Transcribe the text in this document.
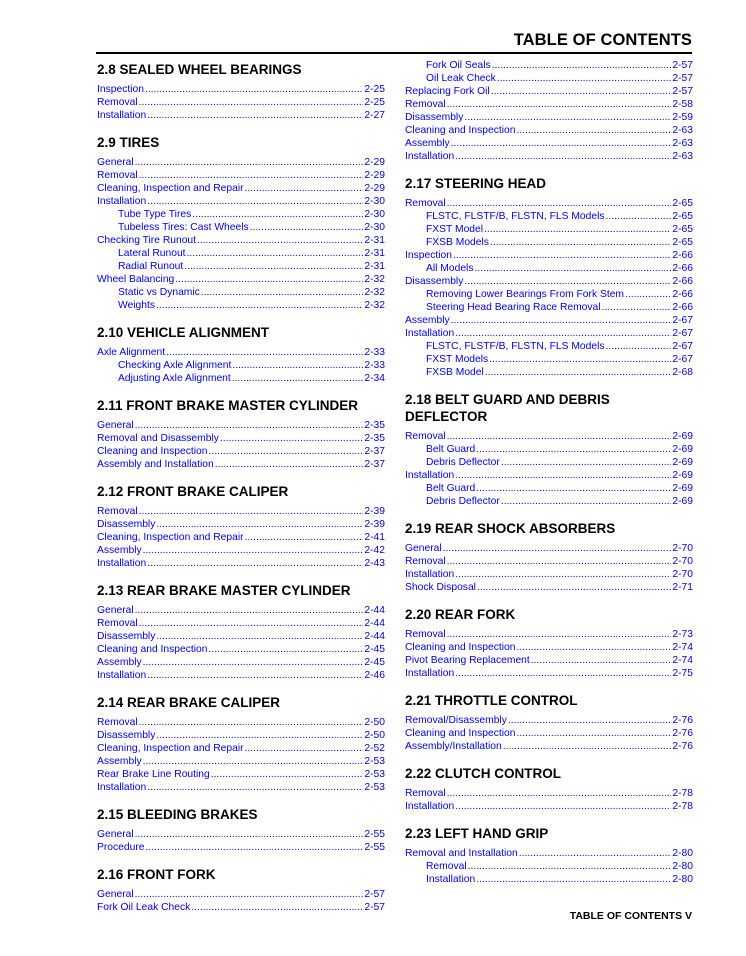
TABLE OF CONTENTS
2.8 SEALED WHEEL BEARINGS
Inspection .....	2-25
Removal .....	2-25
Installation .....	2-27
2.9 TIRES
General .....	2-29
Removal .....	2-29
Cleaning, Inspection and Repair .....	2-29
Installation .....	2-30
Tube Type Tires .....	2-30
Tubeless Tires: Cast Wheels .....	2-30
Checking Tire Runout .....	2-31
Lateral Runout .....	2-31
Radial Runout .....	2-31
Wheel Balancing .....	2-32
Static vs Dynamic .....	2-32
Weights .....	2-32
2.10 VEHICLE ALIGNMENT
Axle Alignment .....	2-33
Checking Axle Alignment .....	2-33
Adjusting Axle Alignment .....	2-34
2.11 FRONT BRAKE MASTER CYLINDER
General .....	2-35
Removal and Disassembly .....	2-35
Cleaning and Inspection .....	2-37
Assembly and Installation .....	2-37
2.12 FRONT BRAKE CALIPER
Removal .....	2-39
Disassembly .....	2-39
Cleaning, Inspection and Repair .....	2-41
Assembly .....	2-42
Installation .....	2-43
2.13 REAR BRAKE MASTER CYLINDER
General .....	2-44
Removal .....	2-44
Disassembly .....	2-44
Cleaning and Inspection .....	2-45
Assembly .....	2-45
Installation .....	2-46
2.14 REAR BRAKE CALIPER
Removal .....	2-50
Disassembly .....	2-50
Cleaning, Inspection and Repair .....	2-52
Assembly .....	2-53
Rear Brake Line Routing .....	2-53
Installation .....	2-53
2.15 BLEEDING BRAKES
General .....	2-55
Procedure .....	2-55
2.16 FRONT FORK
General .....	2-57
Fork Oil Leak Check .....	2-57
Fork Oil Seals .....	2-57
Oil Leak Check .....	2-57
Replacing Fork Oil .....	2-57
Removal .....	2-58
Disassembly .....	2-59
Cleaning and Inspection .....	2-63
Assembly .....	2-63
Installation .....	2-63
2.17 STEERING HEAD
Removal .....	2-65
FLSTC, FLSTF/B, FLSTN, FLS Models .....	2-65
FXST Model .....	2-65
FXSB Models .....	2-65
Inspection .....	2-66
All Models .....	2-66
Disassembly .....	2-66
Removing Lower Bearings From Fork Stem .....	2-66
Steering Head Bearing Race Removal .....	2-66
Assembly .....	2-67
Installation .....	2-67
FLSTC, FLSTF/B, FLSTN, FLS Models .....	2-67
FXST Models .....	2-67
FXSB Model .....	2-68
2.18 BELT GUARD AND DEBRIS DEFLECTOR
Removal .....	2-69
Belt Guard .....	2-69
Debris Deflector .....	2-69
Installation .....	2-69
Belt Guard .....	2-69
Debris Deflector .....	2-69
2.19 REAR SHOCK ABSORBERS
General .....	2-70
Removal .....	2-70
Installation .....	2-70
Shock Disposal .....	2-71
2.20 REAR FORK
Removal .....	2-73
Cleaning and Inspection .....	2-74
Pivot Bearing Replacement .....	2-74
Installation .....	2-75
2.21 THROTTLE CONTROL
Removal/Disassembly .....	2-76
Cleaning and Inspection .....	2-76
Assembly/Installation .....	2-76
2.22 CLUTCH CONTROL
Removal .....	2-78
Installation .....	2-78
2.23 LEFT HAND GRIP
Removal and Installation .....	2-80
Removal .....	2-80
Installation .....	2-80
TABLE OF CONTENTS V
